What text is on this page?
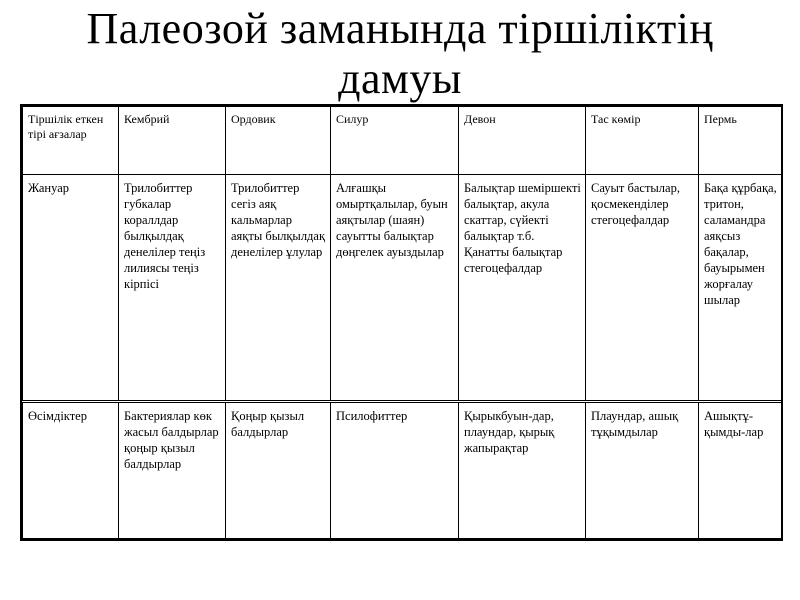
Палеозой заманында тіршіліктің
дамуы
Тіршілік еткен тірі ағзалар	Кембрий	Ордовик	Силур	Девон	Тас көмір	Пермь
Жануар	Трилобиттер губкалар кораллдар былқылдақ денелілер теңіз лилиясы теңіз кірпісі	Трилобиттер сегіз аяқ кальмарлар аяқты былқылдақ денелілер ұлулар	Алғашқы омыртқалылар, буын аяқтылар (шаян) сауытты балықтар дөңгелек ауыздылар	Балықтар шеміршекті балықтар, акула скаттар, сүйекті балықтар т.б. Қанатты балықтар стегоцефалдар	Сауыт бастылар, қосмекенділер стегоцефалдар	Бақа құрбақа, тритон, саламандра аяқсыз бақалар, бауырымен жорғалау шылар
Өсімдіктер	Бактериялар көк жасыл балдырлар қоңыр қызыл балдырлар	Қоңыр қызыл балдырлар	Псилофиттер	Қырыкбуын-дар, плаундар, қырық жапырақтар	Плаундар, ашық тұқымдылар	Ашықтұ-қымды-лар
